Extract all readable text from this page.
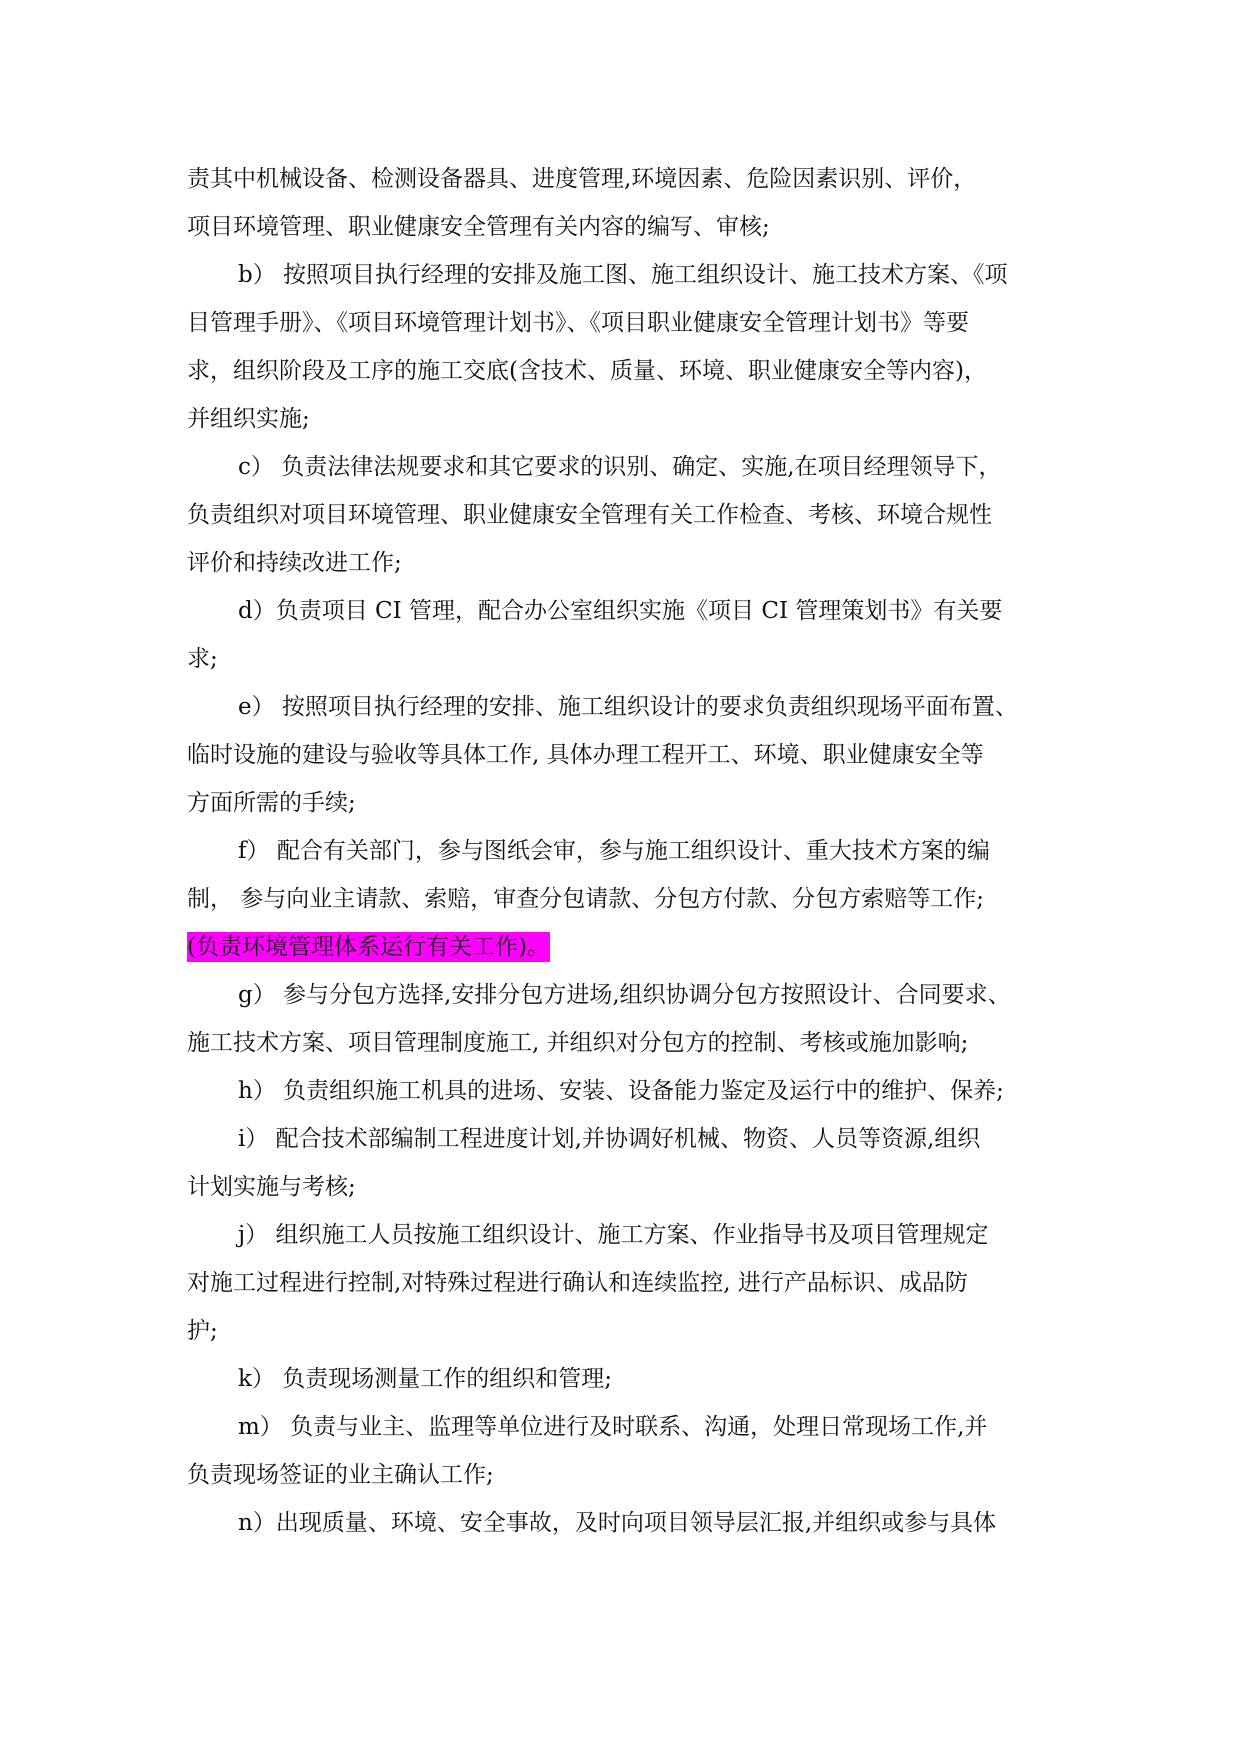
责其中机械设备、检测设备器具、进度管理,环境因素、危险因素识别、评价，
项目环境管理、职业健康安全管理有关内容的编写、审核;
b） 按照项目执行经理的安排及施工图、施工组织设计、施工技术方案、《项
目管理手册》、《项目环境管理计划书》、《项目职业健康安全管理计划书》等要
求，组织阶段及工序的施工交底(含技术、质量、环境、职业健康安全等内容)，
并组织实施;
c） 负责法律法规要求和其它要求的识别、确定、实施,在项目经理领导下，
负责组织对项目环境管理、职业健康安全管理有关工作检查、考核、环境合规性
评价和持续改进工作;
d）负责项目 CI 管理，配合办公室组织实施《项目 CI 管理策划书》有关要
求;
e） 按照项目执行经理的安排、施工组织设计的要求负责组织现场平面布置、
临时设施的建设与验收等具体工作, 具体办理工程开工、环境、职业健康安全等
方面所需的手续;
f） 配合有关部门，参与图纸会审，参与施工组织设计、重大技术方案的编
制， 参与向业主请款、索赔，审查分包请款、分包方付款、分包方索赔等工作;
(负责环境管理体系运行有关工作)。
g） 参与分包方选择,安排分包方进场,组织协调分包方按照设计、合同要求、
施工技术方案、项目管理制度施工, 并组织对分包方的控制、考核或施加影响;
h） 负责组织施工机具的进场、安装、设备能力鉴定及运行中的维护、保养;
i） 配合技术部编制工程进度计划,并协调好机械、物资、人员等资源,组织
计划实施与考核;
j） 组织施工人员按施工组织设计、施工方案、作业指导书及项目管理规定
对施工过程进行控制,对特殊过程进行确认和连续监控, 进行产品标识、成品防
护;
k） 负责现场测量工作的组织和管理;
m） 负责与业主、监理等单位进行及时联系、沟通，处理日常现场工作,并
负责现场签证的业主确认工作;
n）出现质量、环境、安全事故，及时向项目领导层汇报,并组织或参与具体
